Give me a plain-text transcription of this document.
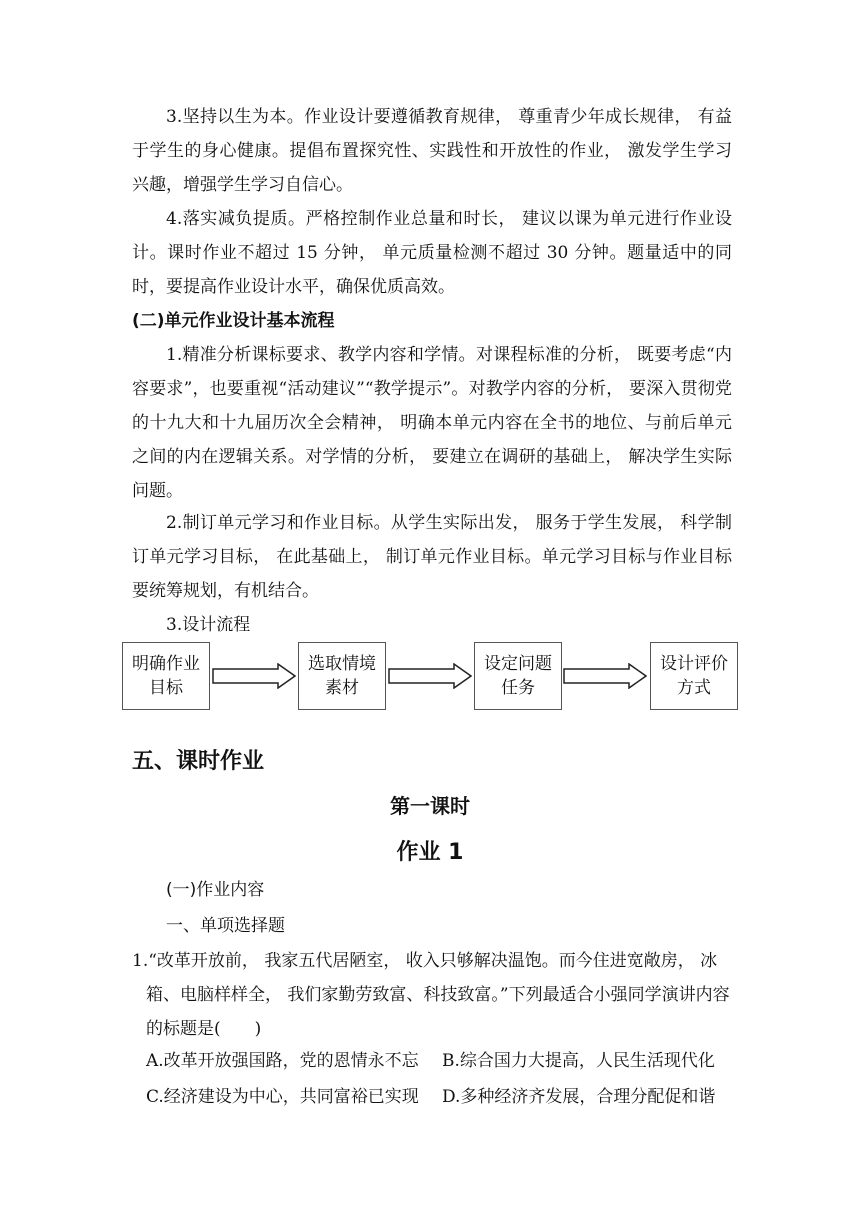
3.坚持以生为本。作业设计要遵循教育规律， 尊重青少年成长规律， 有益于学生的身心健康。提倡布置探究性、实践性和开放性的作业， 激发学生学习兴趣，增强学生学习自信心。

4.落实减负提质。严格控制作业总量和时长， 建议以课为单元进行作业设计。课时作业不超过 15 分钟， 单元质量检测不超过 30 分钟。题量适中的同时，要提高作业设计水平，确保优质高效。

(二)单元作业设计基本流程

1.精准分析课标要求、教学内容和学情。对课程标准的分析， 既要考虑“内容要求”，也要重视“活动建议”“教学提示”。对教学内容的分析， 要深入贯彻党的十九大和十九届历次全会精神， 明确本单元内容在全书的地位、与前后单元之间的内在逻辑关系。对学情的分析， 要建立在调研的基础上， 解决学生实际问题。

2.制订单元学习和作业目标。从学生实际出发， 服务于学生发展， 科学制订单元学习目标， 在此基础上， 制订单元作业目标。单元学习目标与作业目标要统筹规划，有机结合。

3.设计流程

明确作业目标
选取情境素材
设定问题任务
设计评价方式
五、课时作业
第一课时
作业 1

(一)作业内容

一、单项选择题

1.“改革开放前， 我家五代居陋室， 收入只够解决温饱。而今住进宽敞房， 冰箱、电脑样样全， 我们家勤劳致富、科技致富。”下列最适合小强同学演讲内容的标题是(　　)

A.改革开放强国路，党的恩情永不忘 B.综合国力大提高，人民生活现代化

C.经济建设为中心，共同富裕已实现 D.多种经济齐发展，合理分配促和谐
